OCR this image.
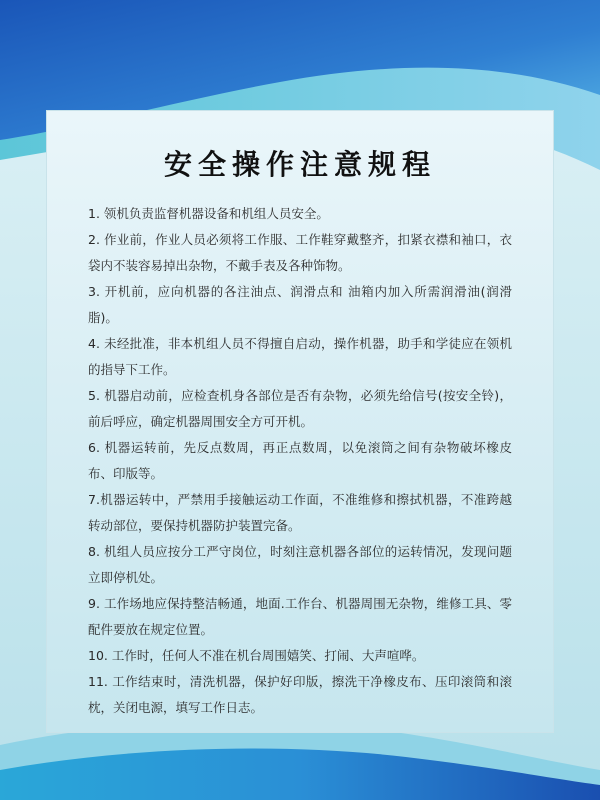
安全操作注意规程
1. 领机负责监督机器设备和机组人员安全。
2. 作业前，作业人员必须将工作服、工作鞋穿戴整齐，扣紧衣襟和袖口，衣袋内不装容易掉出杂物，不戴手表及各种饰物。
3. 开机前，应向机器的各注油点、润滑点和 油箱内加入所需润滑油(润滑脂)。
4. 未经批准，非本机组人员不得擅自启动，操作机器，助手和学徒应在领机的指导下工作。
5. 机器启动前，应检查机身各部位是否有杂物，必须先给信号(按安全铃)，前后呼应，确定机器周围安全方可开机。
6. 机器运转前，先反点数周，再正点数周，以免滚筒之间有杂物破坏橡皮布、印版等。
7.机器运转中，严禁用手接触运动工作面，不准维修和擦拭机器，不准跨越转动部位，要保持机器防护装置完备。
8. 机组人员应按分工严守岗位，时刻注意机器各部位的运转情况，发现问题立即停机处。
9. 工作场地应保持整洁畅通，地面.工作台、机器周围无杂物，维修工具、零配件要放在规定位置。
10. 工作时，任何人不准在机台周围嬉笑、打闹、大声喧哗。
11. 工作结束时，清洗机器，保护好印版，擦洗干净橡皮布、压印滚筒和滚枕，关闭电源，填写工作日志。
